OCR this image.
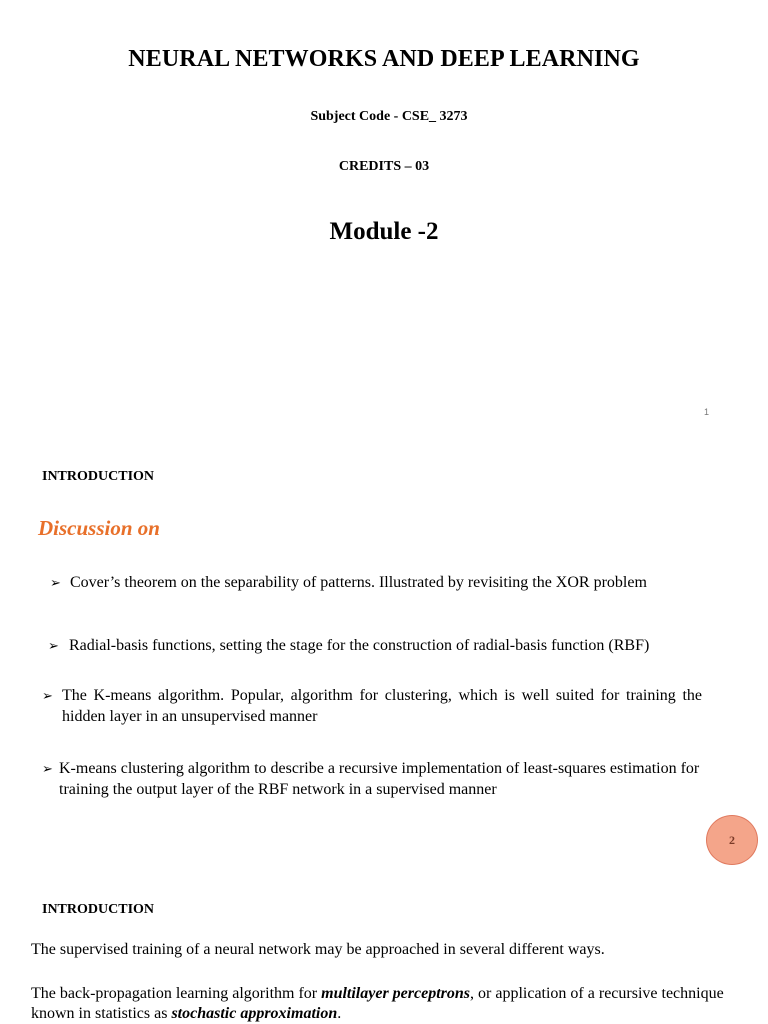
NEURAL NETWORKS AND DEEP LEARNING
Subject Code - CSE_ 3273
CREDITS – 03
Module -2
1
INTRODUCTION
Discussion on
➢ Cover’s theorem on the separability of patterns. Illustrated by revisiting the XOR problem
➢ Radial-basis functions, setting the stage for the construction of radial-basis function (RBF)
➢ The K-means algorithm. Popular, algorithm for clustering, which is well suited for training the hidden layer in an unsupervised manner
➢ K-means clustering algorithm to describe a recursive implementation of least-squares estimation for training the output layer of the RBF network in a supervised manner
2
INTRODUCTION
The supervised training of a neural network may be approached in several different ways.
The back-propagation learning algorithm for multilayer perceptrons, or application of a recursive technique known in statistics as stochastic approximation.
